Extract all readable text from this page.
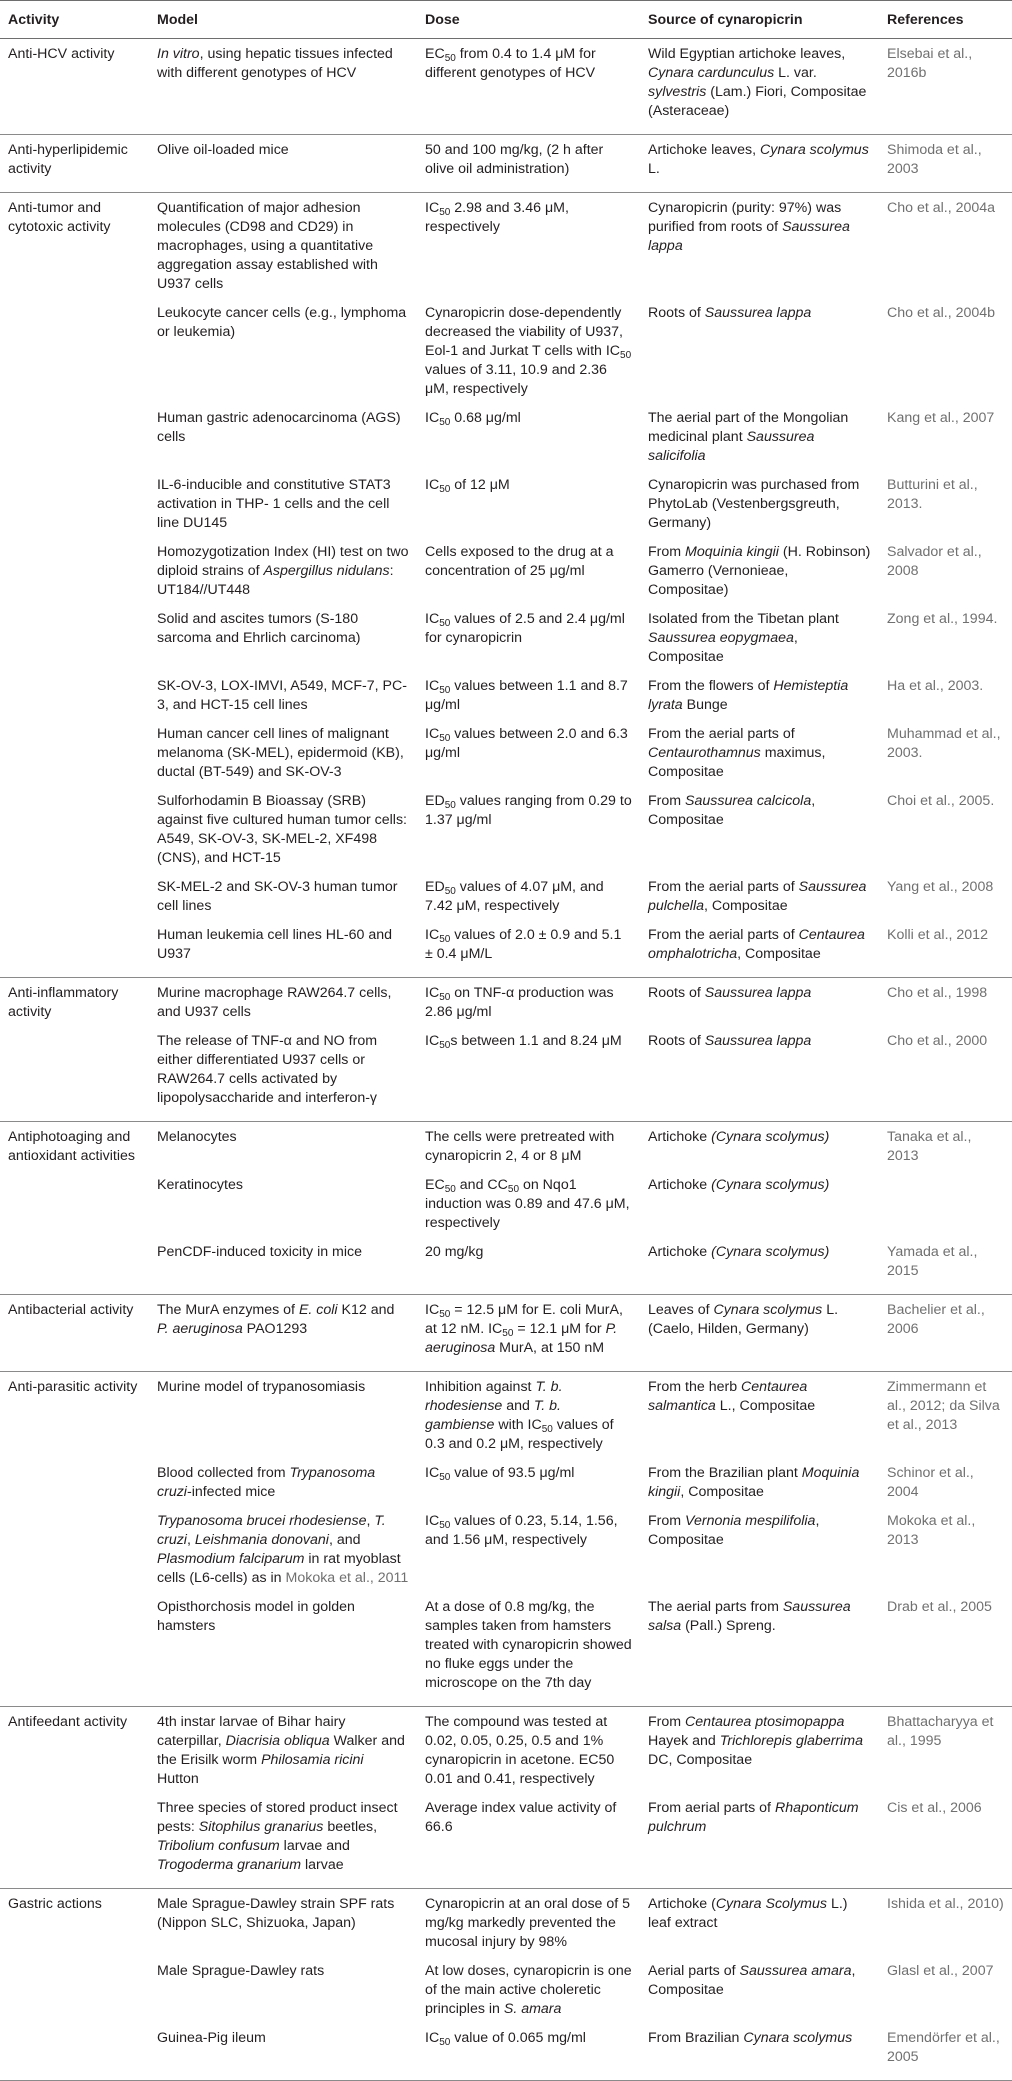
Activity	Model	Dose	Source of cynaropicrin	References
Anti-HCV activity	In vitro, using hepatic tissues infected with different genotypes of HCV	$EC_{50}$ from 0.4 to 1.4 μM for different genotypes of HCV	Wild Egyptian artichoke leaves, Cynara cardunculus L. var. sylvestris (Lam.) Fiori, Compositae (Asteraceae)	Elsebai et al., 2016b
Anti-hyperlipidemic activity	Olive oil-loaded mice	50 and 100 mg/kg, (2 h after olive oil administration)	Artichoke leaves, Cynara scolymus L.	Shimoda et al., 2003
Anti-tumor and cytotoxic activity	Quantification of major adhesion molecules (CD98 and CD29) in macrophages, using a quantitative aggregation assay established with U937 cells	$IC_{50}$ 2.98 and 3.46 μM, respectively	Cynaropicrin (purity: 97%) was purified from roots of Saussurea lappa	Cho et al., 2004a
	Leukocyte cancer cells (e.g., lymphoma or leukemia)	Cynaropicrin dose-dependently decreased the viability of U937, Eol-1 and Jurkat T cells with $IC_{50}$ values of 3.11, 10.9 and 2.36 μM, respectively	Roots of Saussurea lappa	Cho et al., 2004b
	Human gastric adenocarcinoma (AGS) cells	$IC_{50}$ 0.68 μg/ml	The aerial part of the Mongolian medicinal plant Saussurea salicifolia	Kang et al., 2007
	IL-6-inducible and constitutive STAT3 activation in THP- 1 cells and the cell line DU145	$IC_{50}$ of 12 μM	Cynaropicrin was purchased from PhytoLab (Vestenbergsgreuth, Germany)	Butturini et al., 2013.
	Homozygotization Index (HI) test on two diploid strains of Aspergillus nidulans: UT184//UT448	Cells exposed to the drug at a concentration of 25 μg/ml	From Moquinia kingii (H. Robinson) Gamerro (Vernonieae, Compositae)	Salvador et al., 2008
	Solid and ascites tumors (S-180 sarcoma and Ehrlich carcinoma)	$IC_{50}$ values of 2.5 and 2.4 μg/ml for cynaropicrin	Isolated from the Tibetan plant Saussurea eopygmaea, Compositae	Zong et al., 1994.
	SK-OV-3, LOX-IMVI, A549, MCF-7, PC-3, and HCT-15 cell lines	$IC_{50}$ values between 1.1 and 8.7 μg/ml	From the flowers of Hemisteptia lyrata Bunge	Ha et al., 2003.
	Human cancer cell lines of malignant melanoma (SK-MEL), epidermoid (KB), ductal (BT-549) and SK-OV-3	$IC_{50}$ values between 2.0 and 6.3 μg/ml	From the aerial parts of Centaurothamnus maximus, Compositae	Muhammad et al., 2003.
	Sulforhodamin B Bioassay (SRB) against five cultured human tumor cells: A549, SK-OV-3, SK-MEL-2, XF498 (CNS), and HCT-15	$ED_{50}$ values ranging from 0.29 to 1.37 μg/ml	From Saussurea calcicola, Compositae	Choi et al., 2005.
	SK-MEL-2 and SK-OV-3 human tumor cell lines	$ED_{50}$ values of 4.07 μM, and 7.42 μM, respectively	From the aerial parts of Saussurea pulchella, Compositae	Yang et al., 2008
	Human leukemia cell lines HL-60 and U937	$IC_{50}$ values of 2.0 ± 0.9 and 5.1 ± 0.4 μM/L	From the aerial parts of Centaurea omphalotricha, Compositae	Kolli et al., 2012
Anti-inflammatory activity	Murine macrophage RAW264.7 cells, and U937 cells	$IC_{50}$ on TNF-α production was 2.86 μg/ml	Roots of Saussurea lappa	Cho et al., 1998
	The release of TNF-α and NO from either differentiated U937 cells or RAW264.7 cells activated by lipopolysaccharide and interferon-γ	$IC_{50}s$ between 1.1 and 8.24 μM	Roots of Saussurea lappa	Cho et al., 2000
Antiphotoaging and antioxidant activities	Melanocytes	The cells were pretreated with cynaropicrin 2, 4 or 8 μM	Artichoke (Cynara scolymus)	Tanaka et al., 2013
	Keratinocytes	$EC_{50}$ and $CC_{50}$ on Nqo1 induction was 0.89 and 47.6 μM, respectively	Artichoke (Cynara scolymus)	
	PenCDF-induced toxicity in mice	20 mg/kg	Artichoke (Cynara scolymus)	Yamada et al., 2015
Antibacterial activity	The MurA enzymes of E. coli K12 and P. aeruginosa PAO1293	$IC_{50} = 12.5$ μM for E. coli MurA, at 12 nM. $IC_{50} = 12.1$ μM for P. aeruginosa MurA, at 150 nM	Leaves of Cynara scolymus L. (Caelo, Hilden, Germany)	Bachelier et al., 2006
Anti-parasitic activity	Murine model of trypanosomiasis	Inhibition against T. b. rhodesiense and T. b. gambiense with $IC_{50}$ values of 0.3 and 0.2 μM, respectively	From the herb Centaurea salmantica L., Compositae	Zimmermann et al., 2012; da Silva et al., 2013
	Blood collected from Trypanosoma cruzi-infected mice	$IC_{50}$ value of 93.5 μg/ml	From the Brazilian plant Moquinia kingii, Compositae	Schinor et al., 2004
	Trypanosoma brucei rhodesiense, T. cruzi, Leishmania donovani, and Plasmodium falciparum in rat myoblast cells (L6-cells) as in Mokoka et al., 2011	$IC_{50}$ values of 0.23, 5.14, 1.56, and 1.56 μM, respectively	From Vernonia mespilifolia, Compositae	Mokoka et al., 2013
	Opisthorchosis model in golden hamsters	At a dose of 0.8 mg/kg, the samples taken from hamsters treated with cynaropicrin showed no fluke eggs under the microscope on the 7th day	The aerial parts from Saussurea salsa (Pall.) Spreng.	Drab et al., 2005
Antifeedant activity	4th instar larvae of Bihar hairy caterpillar, Diacrisia obliqua Walker and the Erisilk worm Philosamia ricini Hutton	The compound was tested at 0.02, 0.05, 0.25, 0.5 and 1% cynaropicrin in acetone. EC50 0.01 and 0.41, respectively	From Centaurea ptosimopappa Hayek and Trichlorepis glaberrima DC, Compositae	Bhattacharyya et al., 1995
	Three species of stored product insect pests: Sitophilus granarius beetles, Tribolium confusum larvae and Trogoderma granarium larvae	Average index value activity of 66.6	From aerial parts of Rhaponticum pulchrum	Cis et al., 2006
Gastric actions	Male Sprague-Dawley strain SPF rats (Nippon SLC, Shizuoka, Japan)	Cynaropicrin at an oral dose of 5 mg/kg markedly prevented the mucosal injury by 98%	Artichoke (Cynara Scolymus L.) leaf extract	Ishida et al., 2010)
	Male Sprague-Dawley rats	At low doses, cynaropicrin is one of the main active choleretic principles in S. amara	Aerial parts of Saussurea amara, Compositae	Glasl et al., 2007
	Guinea-Pig ileum	$IC_{50}$ value of 0.065 mg/ml	From Brazilian Cynara scolymus	Emendörfer et al., 2005
